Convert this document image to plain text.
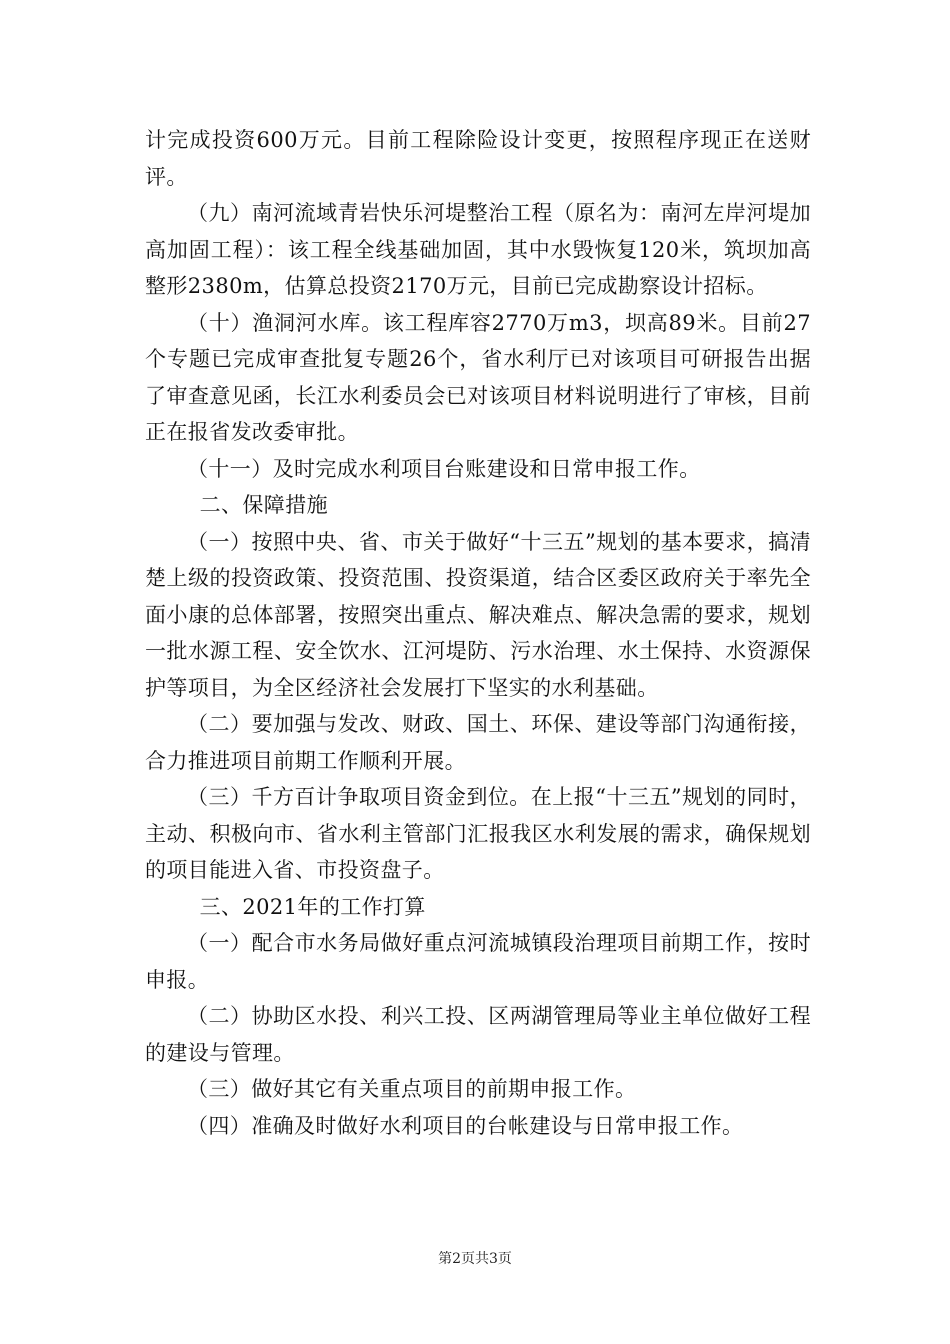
计完成投资600万元。目前工程除险设计变更，按照程序现正在送财评。

（九）南河流域青岩快乐河堤整治工程（原名为：南河左岸河堤加高加固工程）：该工程全线基础加固，其中水毁恢复120米，筑坝加高整形2380m，估算总投资2170万元，目前已完成勘察设计招标。

（十）渔洞河水库。该工程库容2770万m3，坝高89米。目前27个专题已完成审查批复专题26个，省水利厅已对该项目可研报告出据了审查意见函，长江水利委员会已对该项目材料说明进行了审核，目前正在报省发改委审批。

（十一）及时完成水利项目台账建设和日常申报工作。

二、保障措施

（一）按照中央、省、市关于做好“十三五”规划的基本要求，搞清楚上级的投资政策、投资范围、投资渠道，结合区委区政府关于率先全面小康的总体部署，按照突出重点、解决难点、解决急需的要求，规划一批水源工程、安全饮水、江河堤防、污水治理、水土保持、水资源保护等项目，为全区经济社会发展打下坚实的水利基础。

（二）要加强与发改、财政、国土、环保、建设等部门沟通衔接，合力推进项目前期工作顺利开展。

（三）千方百计争取项目资金到位。在上报“十三五”规划的同时，主动、积极向市、省水利主管部门汇报我区水利发展的需求，确保规划的项目能进入省、市投资盘子。

三、2021年的工作打算

（一）配合市水务局做好重点河流城镇段治理项目前期工作，按时申报。

（二）协助区水投、利兴工投、区两湖管理局等业主单位做好工程的建设与管理。

（三）做好其它有关重点项目的前期申报工作。

（四）准确及时做好水利项目的台帐建设与日常申报工作。

第2页共3页
